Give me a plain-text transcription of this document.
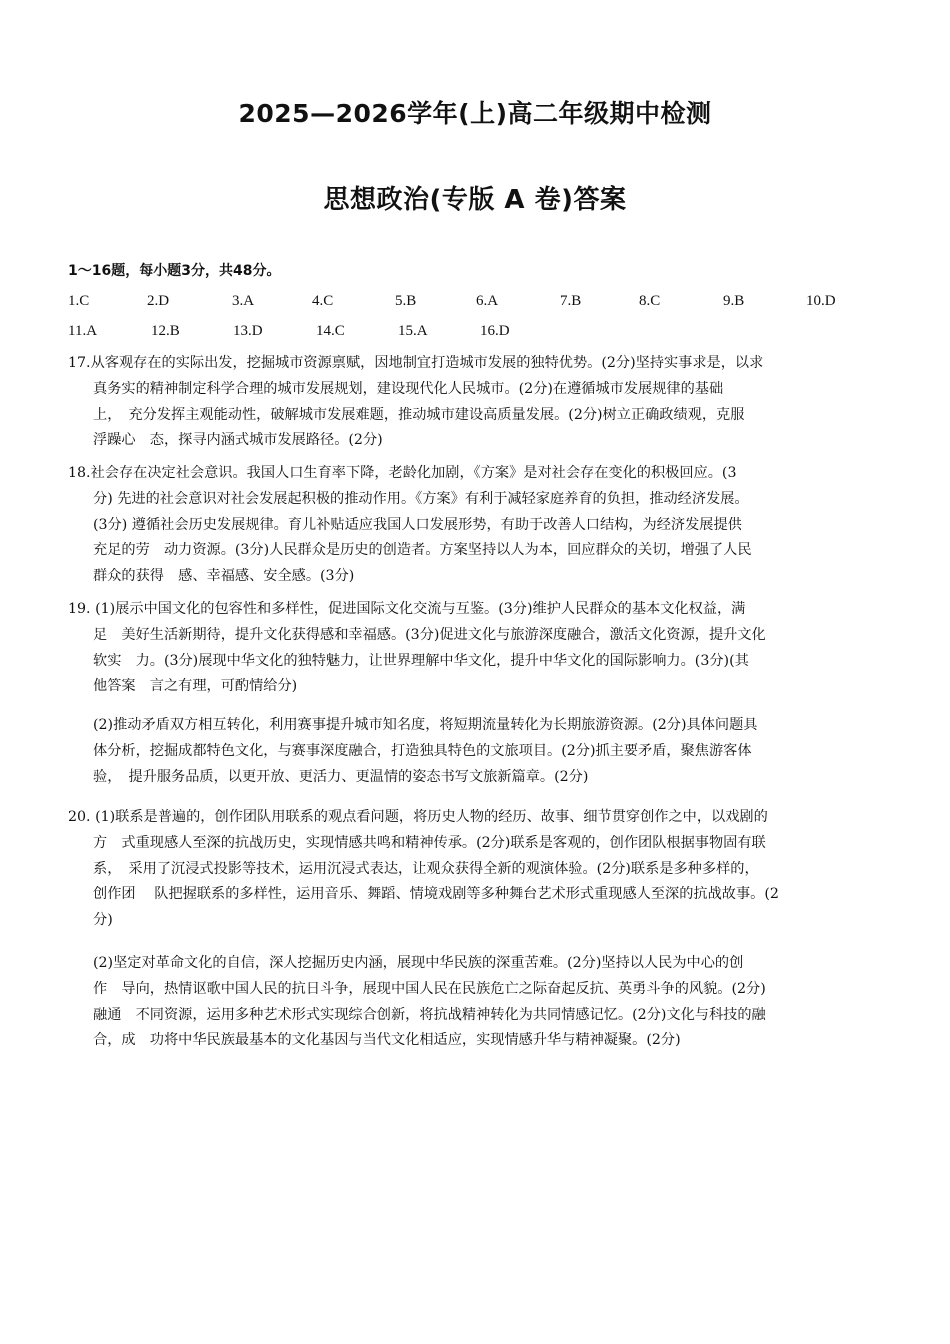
2025—2026学年(上)高二年级期中检测
思想政治(专版 A 卷)答案

1～16题，每小题3分，共48分。

1.C	2.D	3.A	4.C	5.B	6.A	7.B	8.C	9.B	10.D
11.A	12.B	13.D	14.C	15.A	16.D
17.从客观存在的实际出发，挖掘城市资源禀赋，因地制宜打造城市发展的独特优势。(2分)坚持实事求是，以求
真务实的精神制定科学合理的城市发展规划，建设现代化人民城市。(2分)在遵循城市发展规律的基础
上，　充分发挥主观能动性，破解城市发展难题，推动城市建设高质量发展。(2分)树立正确政绩观，克服
浮躁心　态，探寻内涵式城市发展路径。(2分)
18.社会存在决定社会意识。我国人口生育率下降，老龄化加剧，《方案》是对社会存在变化的积极回应。(3
分) 先进的社会意识对社会发展起积极的推动作用。《方案》有利于减轻家庭养育的负担，推动经济发展。
(3分) 遵循社会历史发展规律。育儿补贴适应我国人口发展形势，有助于改善人口结构，为经济发展提供
充足的劳　动力资源。(3分)人民群众是历史的创造者。方案坚持以人为本，回应群众的关切，增强了人民
群众的获得　感、幸福感、安全感。(3分)
19. (1)展示中国文化的包容性和多样性，促进国际文化交流与互鉴。(3分)维护人民群众的基本文化权益，满
足　美好生活新期待，提升文化获得感和幸福感。(3分)促进文化与旅游深度融合，激活文化资源，提升文化
软实　力。(3分)展现中华文化的独特魅力，让世界理解中华文化，提升中华文化的国际影响力。(3分)(其
他答案　言之有理，可酌情给分)
(2)推动矛盾双方相互转化，利用赛事提升城市知名度，将短期流量转化为长期旅游资源。(2分)具体问题具
体分析，挖掘成都特色文化，与赛事深度融合，打造独具特色的文旅项目。(2分)抓主要矛盾，聚焦游客体
验，　提升服务品质，以更开放、更活力、更温情的姿态书写文旅新篇章。(2分)
20. (1)联系是普遍的，创作团队用联系的观点看问题，将历史人物的经历、故事、细节贯穿创作之中，以戏剧的
方　式重现感人至深的抗战历史，实现情感共鸣和精神传承。(2分)联系是客观的，创作团队根据事物固有联
系，　采用了沉浸式投影等技术，运用沉浸式表达，让观众获得全新的观演体验。(2分)联系是多种多样的，
创作团　 队把握联系的多样性，运用音乐、舞蹈、情境戏剧等多种舞台艺术形式重现感人至深的抗战故事。(2
分)
(2)坚定对革命文化的自信，深人挖掘历史内涵，展现中华民族的深重苦难。(2分)坚持以人民为中心的创
作　导向，热情讴歌中国人民的抗日斗争，展现中国人民在民族危亡之际奋起反抗、英勇斗争的风貌。(2分)
融通　不同资源，运用多种艺术形式实现综合创新，将抗战精神转化为共同情感记忆。(2分)文化与科技的融
合，成　功将中华民族最基本的文化基因与当代文化相适应，实现情感升华与精神凝聚。(2分)
